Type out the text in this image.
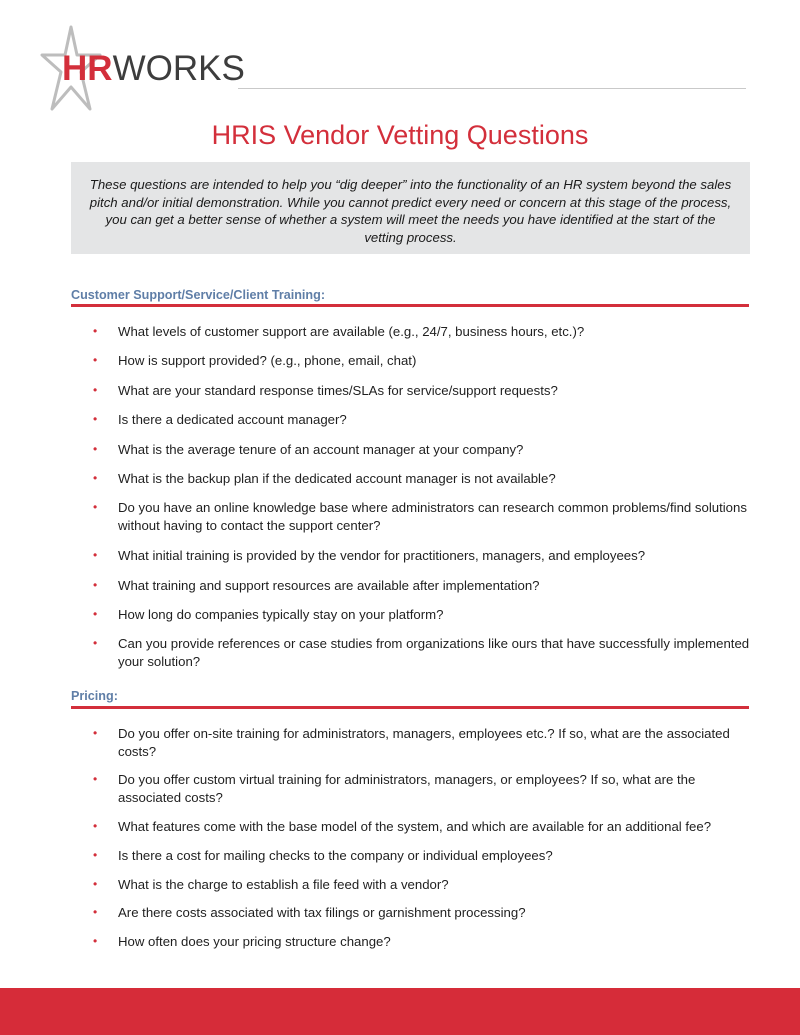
HRWORKS
HRIS Vendor Vetting Questions

These questions are intended to help you “dig deeper” into the functionality of an HR system beyond the sales pitch and/or initial demonstration. While you cannot predict every need or concern at this stage of the process, you can get a better sense of whether a system will meet the needs you have identified at the start of the vetting process.

Customer Support/Service/Client Training:
•	What levels of customer support are available (e.g., 24/7, business hours, etc.)?
•	How is support provided? (e.g., phone, email, chat)
•	What are your standard response times/SLAs for service/support requests?
•	Is there a dedicated account manager?
•	What is the average tenure of an account manager at your company?
•	What is the backup plan if the dedicated account manager is not available?
•	Do you have an online knowledge base where administrators can research common problems/find solutions without having to contact the support center?
•	What initial training is provided by the vendor for practitioners, managers, and employees?
•	What training and support resources are available after implementation?
•	How long do companies typically stay on your platform?
•	Can you provide references or case studies from organizations like ours that have successfully implemented your solution?
Pricing:
•	Do you offer on-site training for administrators, managers, employees etc.? If so, what are the associated costs?
•	Do you offer custom virtual training for administrators, managers, or employees? If so, what are the associated costs?
•	What features come with the base model of the system, and which are available for an additional fee?
•	Is there a cost for mailing checks to the company or individual employees?
•	What is the charge to establish a file feed with a vendor?
•	Are there costs associated with tax filings or garnishment processing?
•	How often does your pricing structure change?
